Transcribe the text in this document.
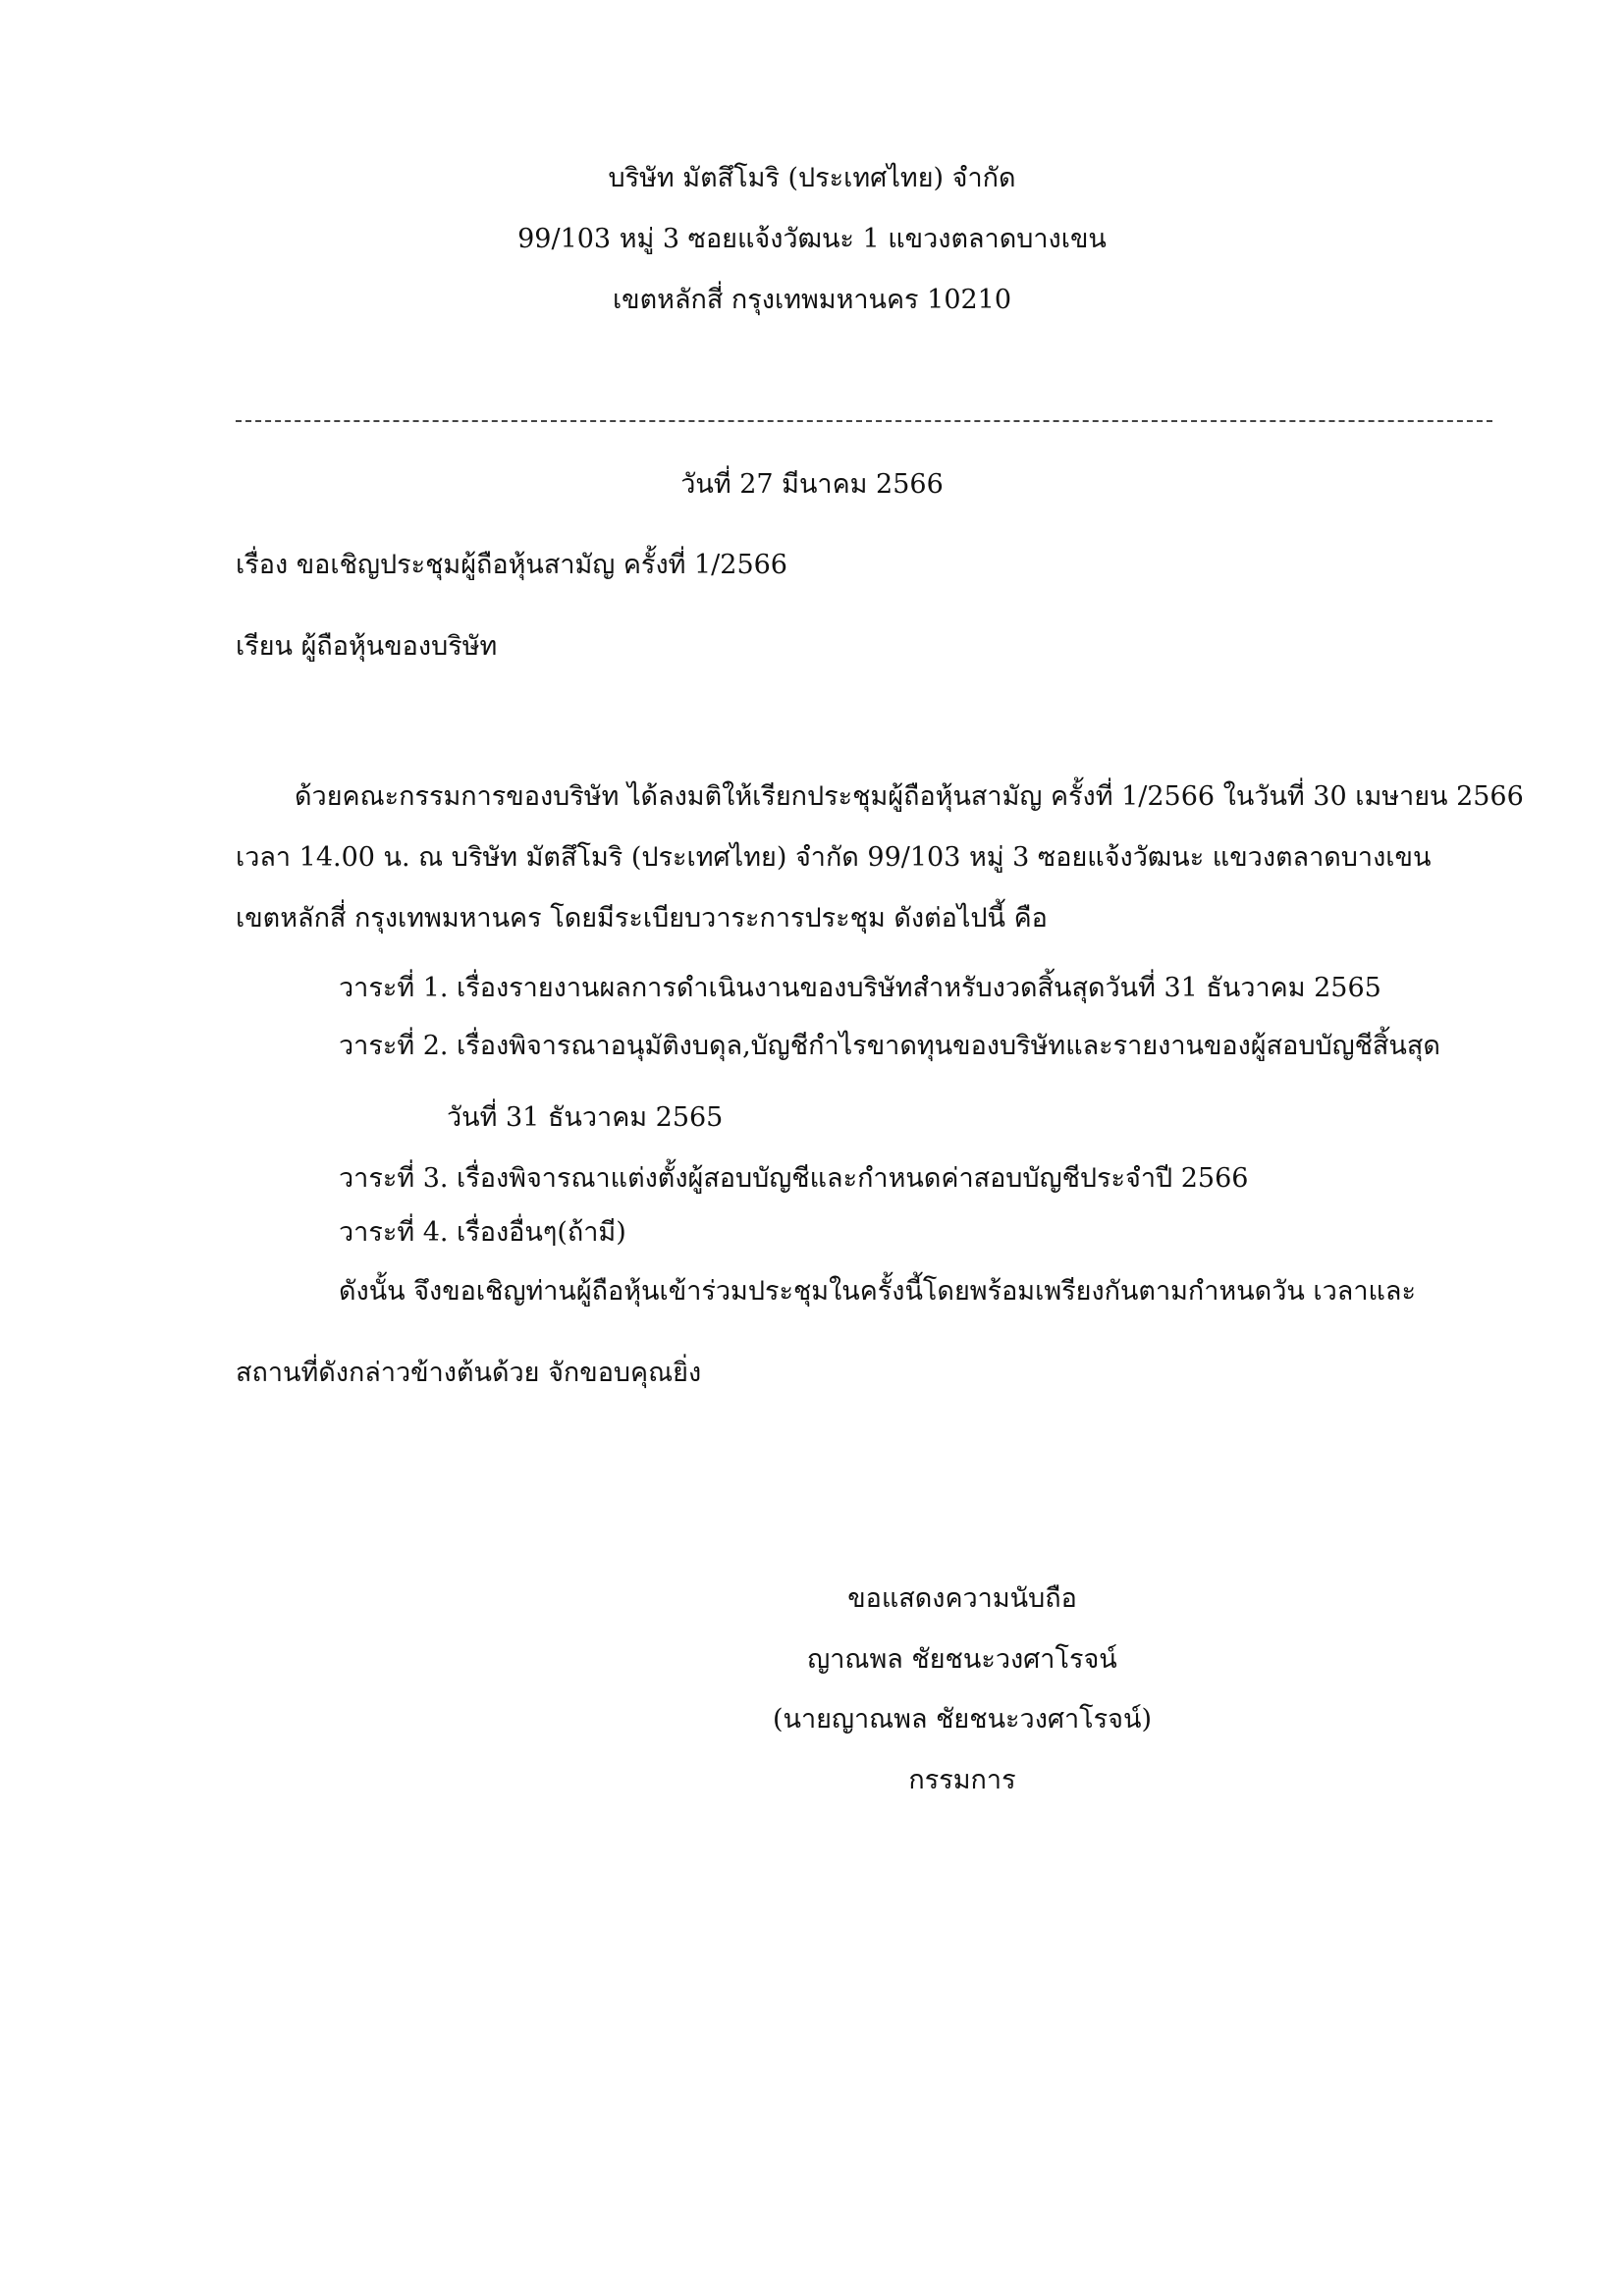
บริษัท มัตสึโมริ (ประเทศไทย) จำกัด
99/103 หมู่ 3 ซอยแจ้งวัฒนะ 1 แขวงตลาดบางเขน
เขตหลักสี่ กรุงเทพมหานคร 10210
วันที่ 27 มีนาคม 2566
เรื่อง ขอเชิญประชุมผู้ถือหุ้นสามัญ ครั้งที่ 1/2566
เรียน ผู้ถือหุ้นของบริษัท
ด้วยคณะกรรมการของบริษัท ได้ลงมติให้เรียกประชุมผู้ถือหุ้นสามัญ ครั้งที่ 1/2566 ในวันที่ 30 เมษายน 2566
เวลา 14.00 น. ณ บริษัท มัตสึโมริ (ประเทศไทย) จำกัด 99/103 หมู่ 3 ซอยแจ้งวัฒนะ แขวงตลาดบางเขน
เขตหลักสี่ กรุงเทพมหานคร โดยมีระเบียบวาระการประชุม ดังต่อไปนี้ คือ
วาระที่ 1. เรื่องรายงานผลการดำเนินงานของบริษัทสำหรับงวดสิ้นสุดวันที่ 31 ธันวาคม 2565
วาระที่ 2. เรื่องพิจารณาอนุมัติงบดุล,บัญชีกำไรขาดทุนของบริษัทและรายงานของผู้สอบบัญชีสิ้นสุด
วันที่ 31 ธันวาคม 2565
วาระที่ 3. เรื่องพิจารณาแต่งตั้งผู้สอบบัญชีและกำหนดค่าสอบบัญชีประจำปี 2566
วาระที่ 4. เรื่องอื่นๆ(ถ้ามี)
ดังนั้น จึงขอเชิญท่านผู้ถือหุ้นเข้าร่วมประชุมในครั้งนี้โดยพร้อมเพรียงกันตามกำหนดวัน เวลาและ
สถานที่ดังกล่าวข้างต้นด้วย จักขอบคุณยิ่ง
ขอแสดงความนับถือ
ญาณพล ชัยชนะวงศาโรจน์
(นายญาณพล ชัยชนะวงศาโรจน์)
กรรมการ
